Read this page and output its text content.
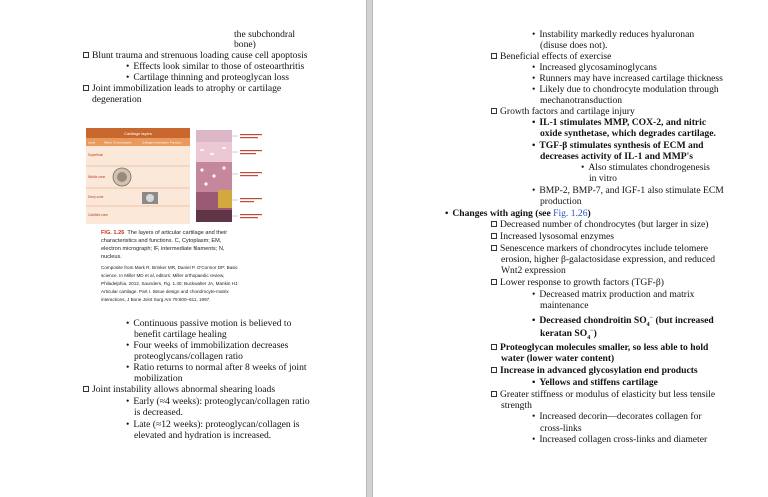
the subchondral
bone)
Blunt trauma and strenuous loading cause cell apoptosis
• Effects look similar to those of osteoarthritis
• Cartilage thinning and proteoglycan loss
Joint immobilization leads to atrophy or cartilage
degeneration
Cartilage layers
Layer	Matrix Chondrocytes	Collagen orientation Function
Superficial
Middle zone
Deep zone
Calcified zone
FIG. 1.26 The layers of articular cartilage and their
characteristics and functions. C, Cytoplasm; EM,
electron micrograph; IF, intermediate filaments; N,
nucleus.
Composite from Mark R. Brinker MR, Daniel P. O'Connor DP: Basic
science. In Miller MD et al, editors: Miller orthopaedic review,
Philadelphia, 2012, Saunders, Fig. 1.40; Buckwalter JA, Mankin HJ:
Articular cartilage. Part I. tissue design and chondrocyte-matrix
interactions, J Bone Joint Surg Am 79:600–611, 1997.
• Continuous passive motion is believed to
benefit cartilage healing
• Four weeks of immobilization decreases
proteoglycans/collagen ratio
• Ratio returns to normal after 8 weeks of joint
mobilization
Joint instability allows abnormal shearing loads
• Early (≈4 weeks): proteoglycan/collagen ratio
is decreased.
• Late (≈12 weeks): proteoglycan/collagen is
elevated and hydration is increased.
• Instability markedly reduces hyaluronan
(disuse does not).
Beneficial effects of exercise
• Increased glycosaminoglycans
• Runners may have increased cartilage thickness
• Likely due to chondrocyte modulation through
mechanotransduction
Growth factors and cartilage injury
• IL-1 stimulates MMP, COX-2, and nitric
oxide synthetase, which degrades cartilage.
• TGF-β stimulates synthesis of ECM and
decreases activity of IL-1 and MMP's
• Also stimulates chondrogenesis
in vitro
• BMP-2, BMP-7, and IGF-1 also stimulate ECM
production
• Changes with aging (see Fig. 1.26)
Decreased number of chondrocytes (but larger in size)
Increased lysosomal enzymes
Senescence markers of chondrocytes include telomere
erosion, higher β-galactosidase expression, and reduced
Wnt2 expression
Lower response to growth factors (TGF-β)
• Decreased matrix production and matrix
maintenance
• Decreased chondroitin $SO_4^-$ (but increased
keratan $SO_4^-$)
Proteoglycan molecules smaller, so less able to hold
water (lower water content)
Increase in advanced glycosylation end products
• Yellows and stiffens cartilage
Greater stiffness or modulus of elasticity but less tensile
strength
• Increased decorin—decorates collagen for
cross-links
• Increased collagen cross-links and diameter
